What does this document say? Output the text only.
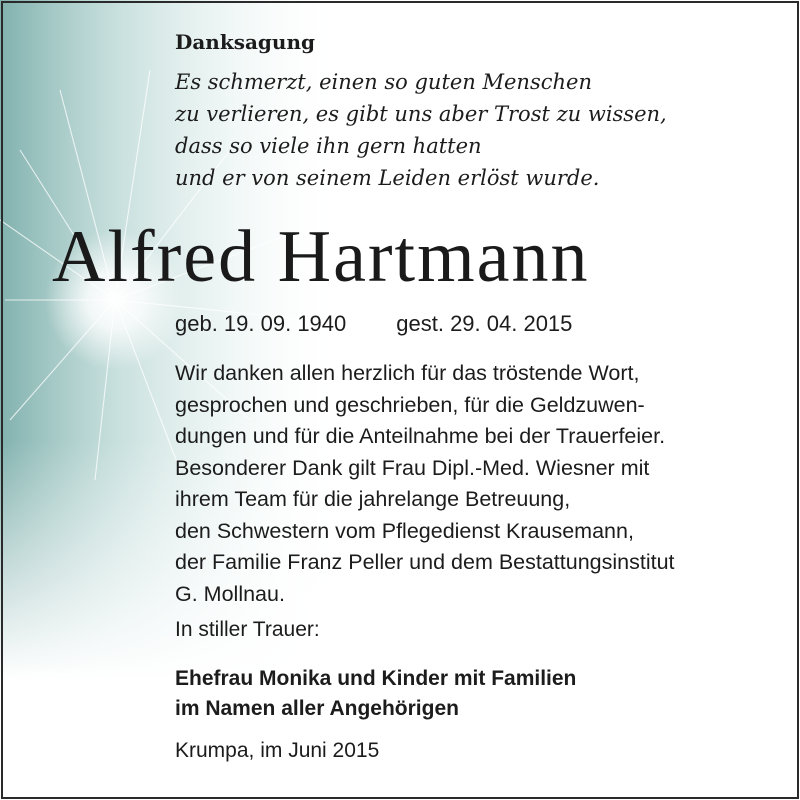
Danksagung
Es schmerzt, einen so guten Menschen
zu verlieren, es gibt uns aber Trost zu wissen,
dass so viele ihn gern hatten
und er von seinem Leiden erlöst wurde.
Alfred Hartmann
geb. 19. 09. 1940 gest. 29. 04. 2015
Wir danken allen herzlich für das tröstende Wort,
gesprochen und geschrieben, für die Geldzuwen-
dungen und für die Anteilnahme bei der Trauerfeier.
Besonderer Dank gilt Frau Dipl.-Med. Wiesner mit
ihrem Team für die jahrelange Betreuung,
den Schwestern vom Pflegedienst Krausemann,
der Familie Franz Peller und dem Bestattungsinstitut
G. Mollnau.
In stiller Trauer:
Ehefrau Monika und Kinder mit Familien
im Namen aller Angehörigen
Krumpa, im Juni 2015
